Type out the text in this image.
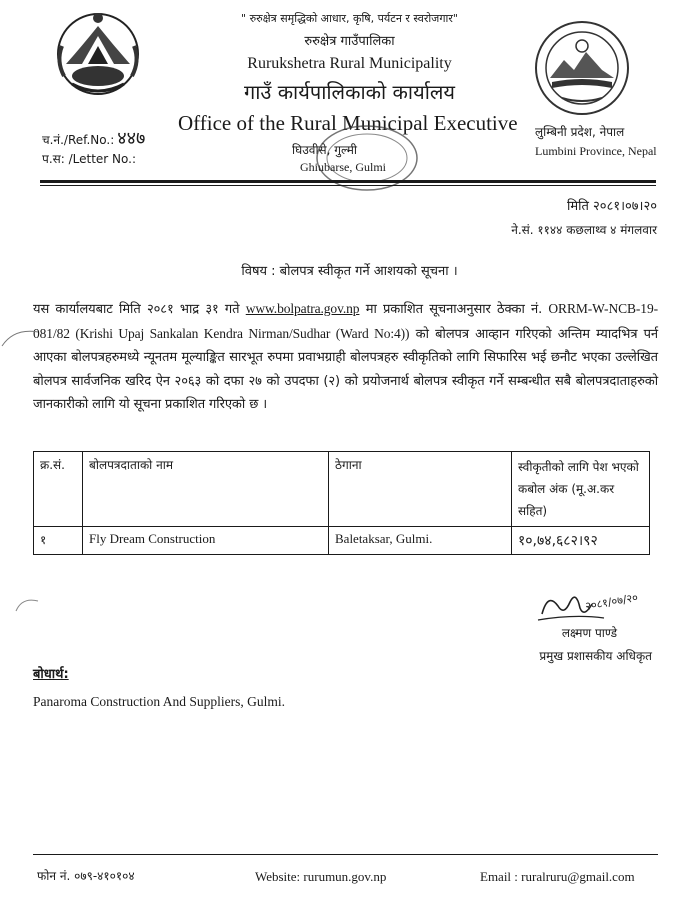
" रुरुक्षेत्र समृद्धिको आधार, कृषि, पर्यटन र स्वरोजगार"
रुरुक्षेत्र गाउँपालिका
Rurukshetra Rural Municipality
गाउँ कार्यपालिकाको कार्यालय
Office of the Rural Municipal Executive
घिउवीसे, गुल्मी
Ghiubarse, Gulmi
च.नं./Ref.No.: ४४७
प.स: /Letter No.:
लुम्बिनी प्रदेश, नेपाल
Lumbini Province, Nepal
मिति २०८१।०७।२०
ने.सं. ११४४ कछलाथ्व ४ मंगलवार
विषय : बोलपत्र स्वीकृत गर्ने आशयको सूचना ।
यस कार्यालयबाट मिति २०८१ भाद्र ३१ गते www.bolpatra.gov.np मा प्रकाशित सूचनाअनुसार ठेक्का नं. ORRM-W-NCB-19-081/82 (Krishi Upaj Sankalan Kendra Nirman/Sudhar (Ward No:4)) को बोलपत्र आव्हान गरिएको अन्तिम म्यादभित्र पर्न आएका बोलपत्रहरुमध्ये न्यूनतम मूल्याङ्कित सारभूत रुपमा प्रवाभग्राही बोलपत्रहरु स्वीकृतिको लागि सिफारिस भई छनौट भएका उल्लेखित बोलपत्र सार्वजनिक खरिद ऐन २०६३ को दफा २७ को उपदफा (२) को प्रयोजनार्थ बोलपत्र स्वीकृत गर्ने सम्बन्धीत सबै बोलपत्रदाताहरुको जानकारीको लागि यो सूचना प्रकाशित गरिएको छ ।
क्र.सं.	बोलपत्रदाताको नाम	ठेगाना	स्वीकृतीको लागि पेश भएको कबोल अंक (मू.अ.कर सहित)
१	Fly Dream Construction	Baletaksar, Gulmi.	१०,७४,६८२।९२
२०८१/०७/२०
लक्ष्मण पाण्डे
प्रमुख प्रशासकीय अधिकृत
बोधार्थ:
Panaroma Construction And Suppliers, Gulmi.
फोन नं. ०७९-४१०१०४	Website: rurumun.gov.np	Email : ruralruru@gmail.com
